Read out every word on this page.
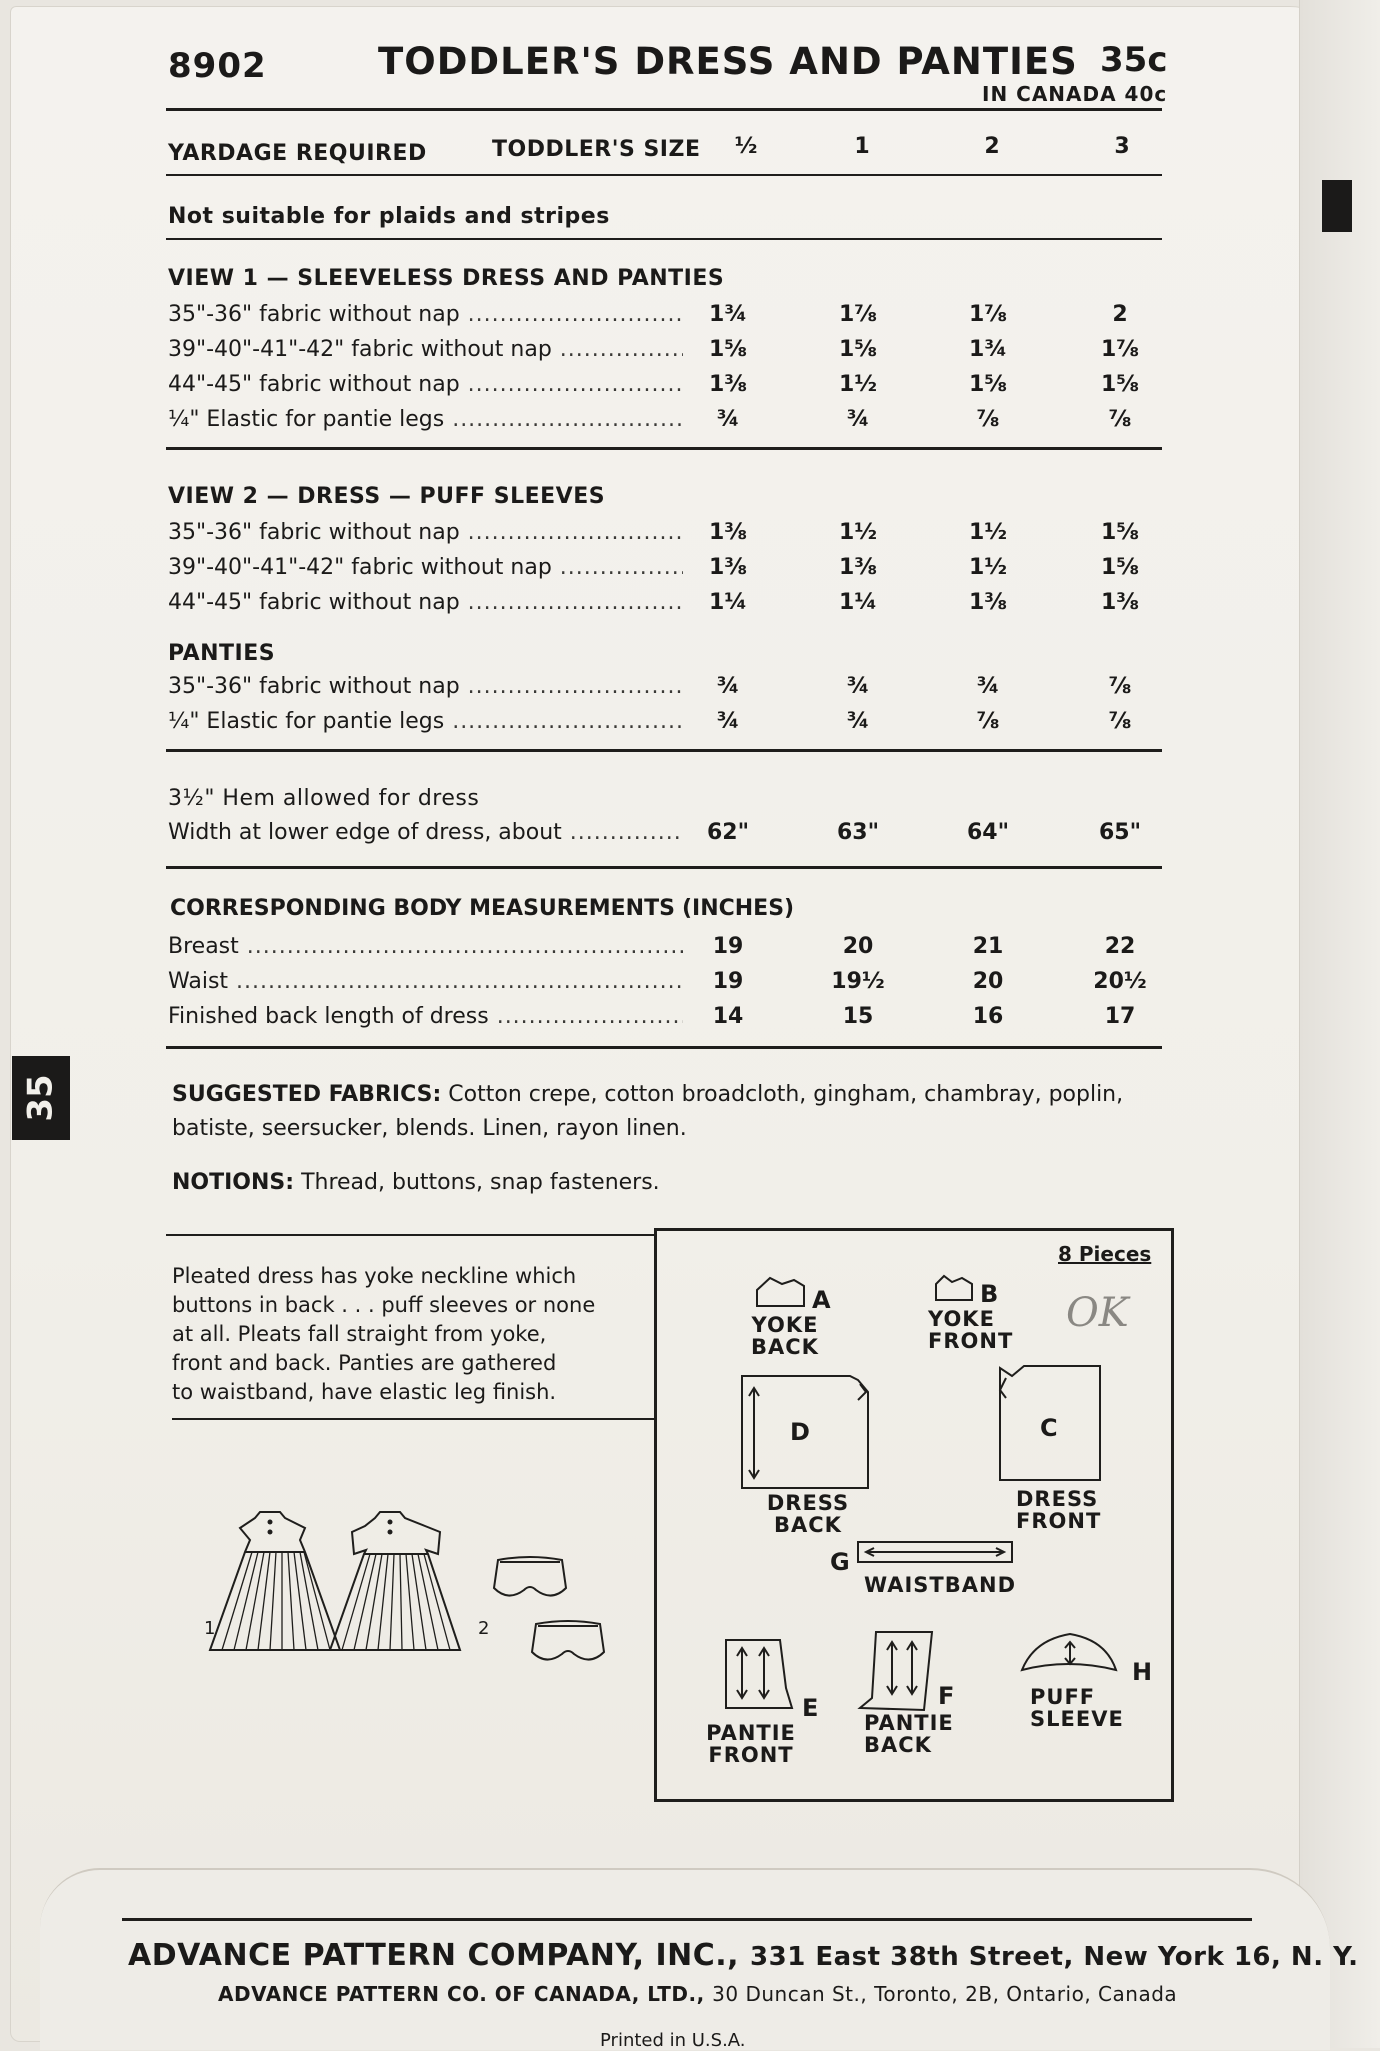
8902	TODDLER'S DRESS AND PANTIES 35c
IN CANADA 40c
YARDAGE REQUIRED	TODDLER'S SIZE	½	1	2	3
Not suitable for plaids and stripes
VIEW 1 — SLEEVELESS DRESS AND PANTIES
35"-36" fabric without nap .....	1¾	1⅞	1⅞	2
39"-40"-41"-42" fabric without nap .....	1⅝	1⅝	1¾	1⅞
44"-45" fabric without nap .....	1⅜	1½	1⅝	1⅝
¼" Elastic for pantie legs .....	¾	¾	⅞	⅞
VIEW 2 — DRESS — PUFF SLEEVES
35"-36" fabric without nap .....	1⅜	1½	1½	1⅝
39"-40"-41"-42" fabric without nap .....	1⅜	1⅜	1½	1⅝
44"-45" fabric without nap .....	1¼	1¼	1⅜	1⅜
PANTIES
35"-36" fabric without nap .....	¾	¾	¾	⅞
¼" Elastic for pantie legs .....	¾	¾	⅞	⅞
3½" Hem allowed for dress
Width at lower edge of dress, about .....	62"	63"	64"	65"
CORRESPONDING BODY MEASUREMENTS (INCHES)
Breast .....	19	20	21	22
Waist .....	19	19½	20	20½
Finished back length of dress .....	14	15	16	17
SUGGESTED FABRICS: Cotton crepe, cotton broadcloth, gingham, chambray, poplin,
batiste, seersucker, blends. Linen, rayon linen.
NOTIONS: Thread, buttons, snap fasteners.
Pleated dress has yoke neckline which
buttons in back . . . puff sleeves or none
at all. Pleats fall straight from yoke,
front and back. Panties are gathered
to waistband, have elastic leg finish.
1	2
8 Pieces
OK
A	B
D	C
G
E	F
H
YOKE
BACK
YOKE
FRONT
DRESS
BACK
DRESS
FRONT
WAISTBAND
PANTIE
FRONT
PANTIE
BACK
PUFF
SLEEVE
35
ADVANCE PATTERN COMPANY, INC., 331 East 38th Street, New York 16, N. Y.
ADVANCE PATTERN CO. OF CANADA, LTD., 30 Duncan St., Toronto, 2B, Ontario, Canada
Printed in U.S.A.
